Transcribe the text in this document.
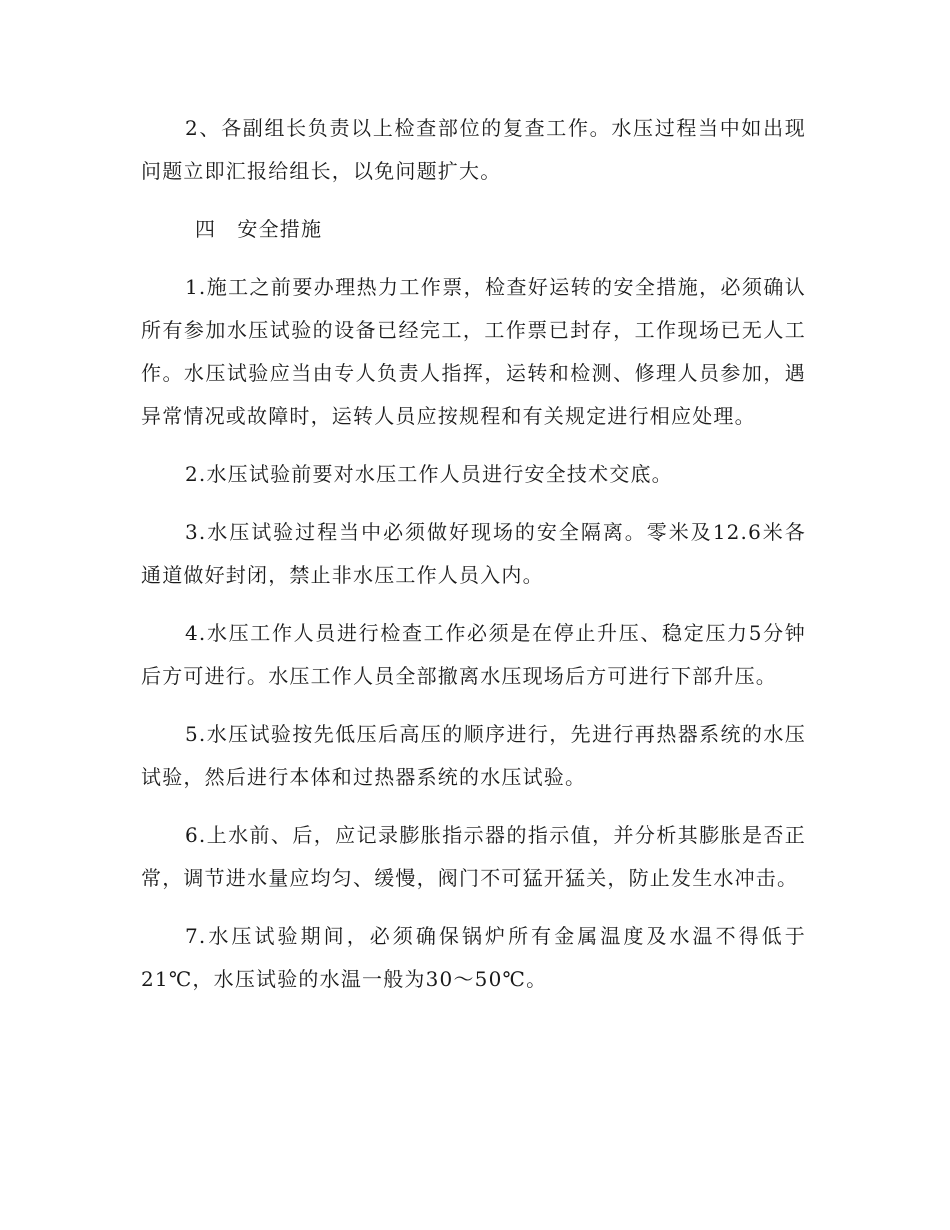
2、各副组长负责以上检查部位的复查工作。水压过程当中如出现问题立即汇报给组长，以免问题扩大。

四　安全措施

1.施工之前要办理热力工作票，检查好运转的安全措施，必须确认所有参加水压试验的设备已经完工，工作票已封存，工作现场已无人工作。水压试验应当由专人负责人指挥，运转和检测、修理人员参加，遇异常情况或故障时，运转人员应按规程和有关规定进行相应处理。

2.水压试验前要对水压工作人员进行安全技术交底。

3.水压试验过程当中必须做好现场的安全隔离。零米及12.6米各通道做好封闭，禁止非水压工作人员入内。

4.水压工作人员进行检查工作必须是在停止升压、稳定压力5分钟后方可进行。水压工作人员全部撤离水压现场后方可进行下部升压。

5.水压试验按先低压后高压的顺序进行，先进行再热器系统的水压试验，然后进行本体和过热器系统的水压试验。

6.上水前、后，应记录膨胀指示器的指示值，并分析其膨胀是否正常，调节进水量应均匀、缓慢，阀门不可猛开猛关，防止发生水冲击。

7.水压试验期间，必须确保锅炉所有金属温度及水温不得低于21℃，水压试验的水温一般为30～50℃。
